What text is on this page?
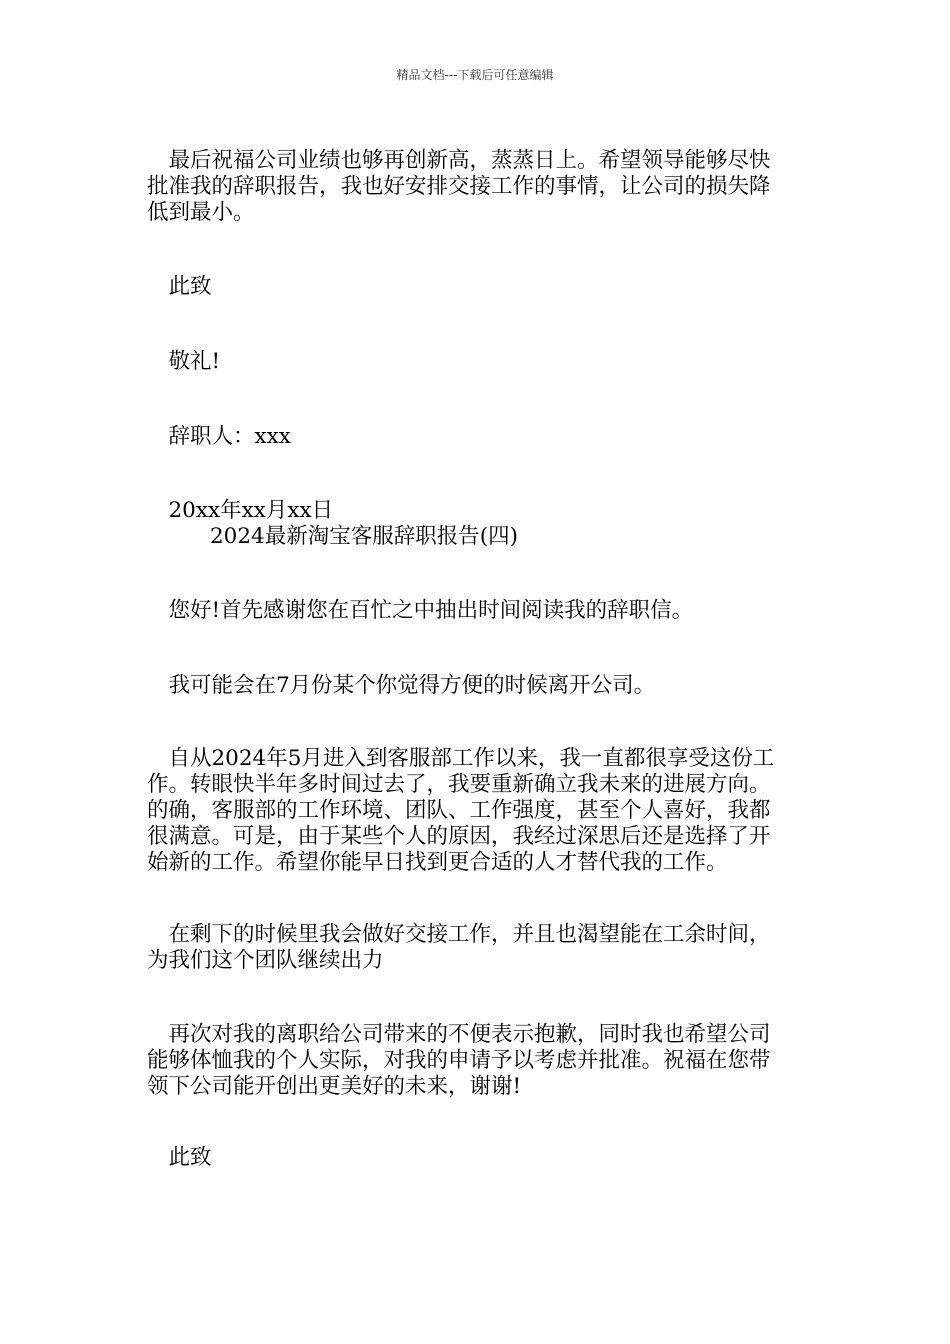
精品文档---下载后可任意编辑
　最后祝福公司业绩也够再创新高，蒸蒸日上。希望领导能够尽快
批准我的辞职报告，我也好安排交接工作的事情，让公司的损失降
低到最小。
　此致
　敬礼!
　辞职人：xxx
　20xx年xx月xx日
2024最新淘宝客服辞职报告(四)
　您好!首先感谢您在百忙之中抽出时间阅读我的辞职信。
　我可能会在7月份某个你觉得方便的时候离开公司。
　自从2024年5月进入到客服部工作以来，我一直都很享受这份工
作。转眼快半年多时间过去了，我要重新确立我未来的进展方向。
的确，客服部的工作环境、团队、工作强度，甚至个人喜好，我都
很满意。可是，由于某些个人的原因，我经过深思后还是选择了开
始新的工作。希望你能早日找到更合适的人才替代我的工作。
　在剩下的时候里我会做好交接工作，并且也渴望能在工余时间，
为我们这个团队继续出力
　再次对我的离职给公司带来的不便表示抱歉，同时我也希望公司
能够体恤我的个人实际，对我的申请予以考虑并批准。祝福在您带
领下公司能开创出更美好的未来，谢谢!
　此致
